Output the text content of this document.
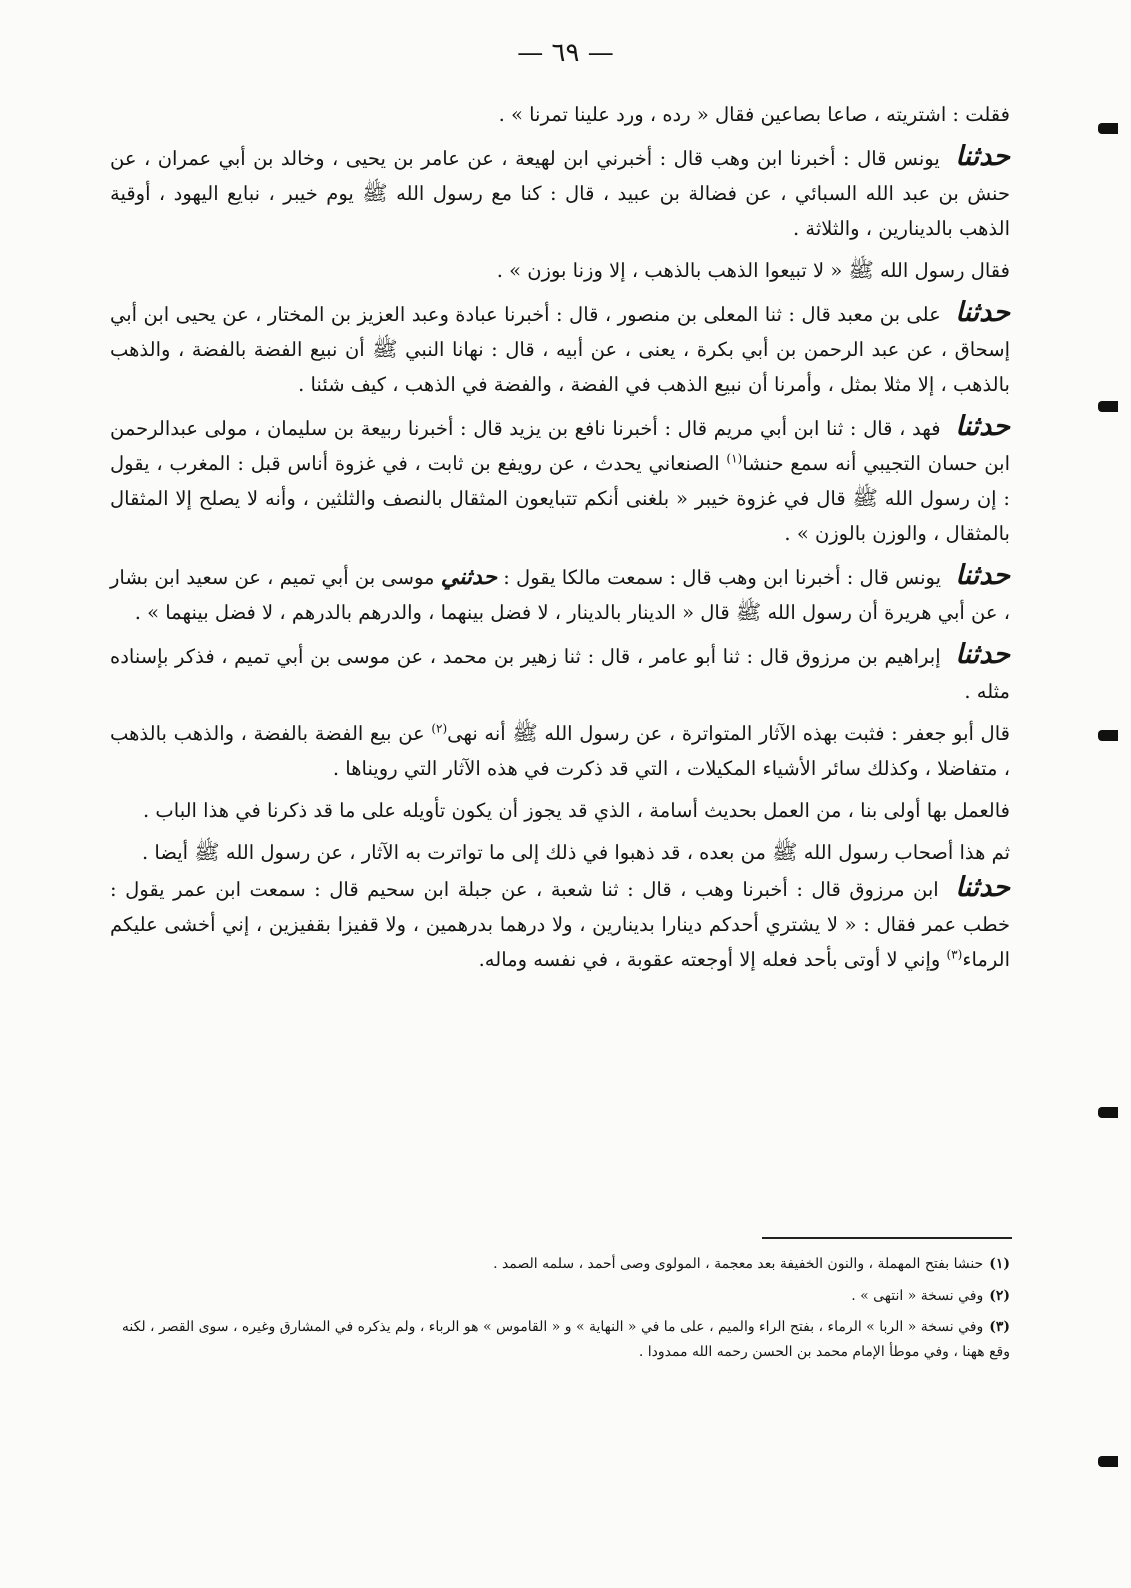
— ٦٩ —

فقلت : اشتريته ، صاعا بصاعين فقال « رده ، ورد علينا تمرنا » .

حدثنا يونس قال : أخبرنا ابن وهب قال : أخبرني ابن لهيعة ، عن عامر بن يحيى ، وخالد بن أبي عمران ، عن حنش بن عبد الله السبائي ، عن فضالة بن عبيد ، قال : كنا مع رسول الله ﷺ يوم خيبر ، نبايع اليهود ، أوقية الذهب بالدينارين ، والثلاثة .

فقال رسول الله ﷺ « لا تبيعوا الذهب بالذهب ، إلا وزنا بوزن » .

حدثنا على بن معبد قال : ثنا المعلى بن منصور ، قال : أخبرنا عبادة وعبد العزيز بن المختار ، عن يحيى ابن أبي إسحاق ، عن عبد الرحمن بن أبي بكرة ، يعنى ، عن أبيه ، قال : نهانا النبي ﷺ أن نبيع الفضة بالفضة ، والذهب بالذهب ، إلا مثلا بمثل ، وأمرنا أن نبيع الذهب في الفضة ، والفضة في الذهب ، كيف شئنا .

حدثنا فهد ، قال : ثنا ابن أبي مريم قال : أخبرنا نافع بن يزيد قال : أخبرنا ربيعة بن سليمان ، مولى عبدالرحمن ابن حسان التجيبي أنه سمع حنشا$^{(١)}$ الصنعاني يحدث ، عن رويفع بن ثابت ، في غزوة أناس قبل : المغرب ، يقول : إن رسول الله ﷺ قال في غزوة خيبر « بلغنى أنكم تتبايعون المثقال بالنصف والثلثين ، وأنه لا يصلح إلا المثقال بالمثقال ، والوزن بالوزن » .

حدثنا يونس قال : أخبرنا ابن وهب قال : سمعت مالكا يقول : حدثني موسى بن أبي تميم ، عن سعيد ابن بشار ، عن أبي هريرة أن رسول الله ﷺ قال « الدينار بالدينار ، لا فضل بينهما ، والدرهم بالدرهم ، لا فضل بينهما » .

حدثنا إبراهيم بن مرزوق قال : ثنا أبو عامر ، قال : ثنا زهير بن محمد ، عن موسى بن أبي تميم ، فذكر بإسناده مثله .

قال أبو جعفر : فثبت بهذه الآثار المتواترة ، عن رسول الله ﷺ أنه نهى$^{(٢)}$ عن بيع الفضة بالفضة ، والذهب بالذهب ، متفاضلا ، وكذلك سائر الأشياء المكيلات ، التي قد ذكرت في هذه الآثار التي رويناها .

فالعمل بها أولى بنا ، من العمل بحديث أسامة ، الذي قد يجوز أن يكون تأويله على ما قد ذكرنا في هذا الباب .

ثم هذا أصحاب رسول الله ﷺ من بعده ، قد ذهبوا في ذلك إلى ما تواترت به الآثار ، عن رسول الله ﷺ أيضا .

حدثنا ابن مرزوق قال : أخبرنا وهب ، قال : ثنا شعبة ، عن جبلة ابن سحيم قال : سمعت ابن عمر يقول : خطب عمر فقال : « لا يشتري أحدكم دينارا بدينارين ، ولا درهما بدرهمين ، ولا قفيزا بقفيزين ، إني أخشى عليكم الرماء$^{(٣)}$ وإني لا أوتى بأحد فعله إلا أوجعته عقوبة ، في نفسه وماله.

(١)حنشا بفتح المهملة ، والنون الخفيفة بعد معجمة ، المولوى وصى أحمد ، سلمه الصمد .

(٢)وفي نسخة « انتهى » .

(٣)وفي نسخة « الربا » الرماء ، بفتح الراء والميم ، على ما في « النهاية » و « القاموس » هو الرباء ، ولم يذكره في المشارق وغيره ، سوى القصر ، لكنه وقع ههنا ، وفي موطأ الإمام محمد بن الحسن رحمه الله ممدودا .
